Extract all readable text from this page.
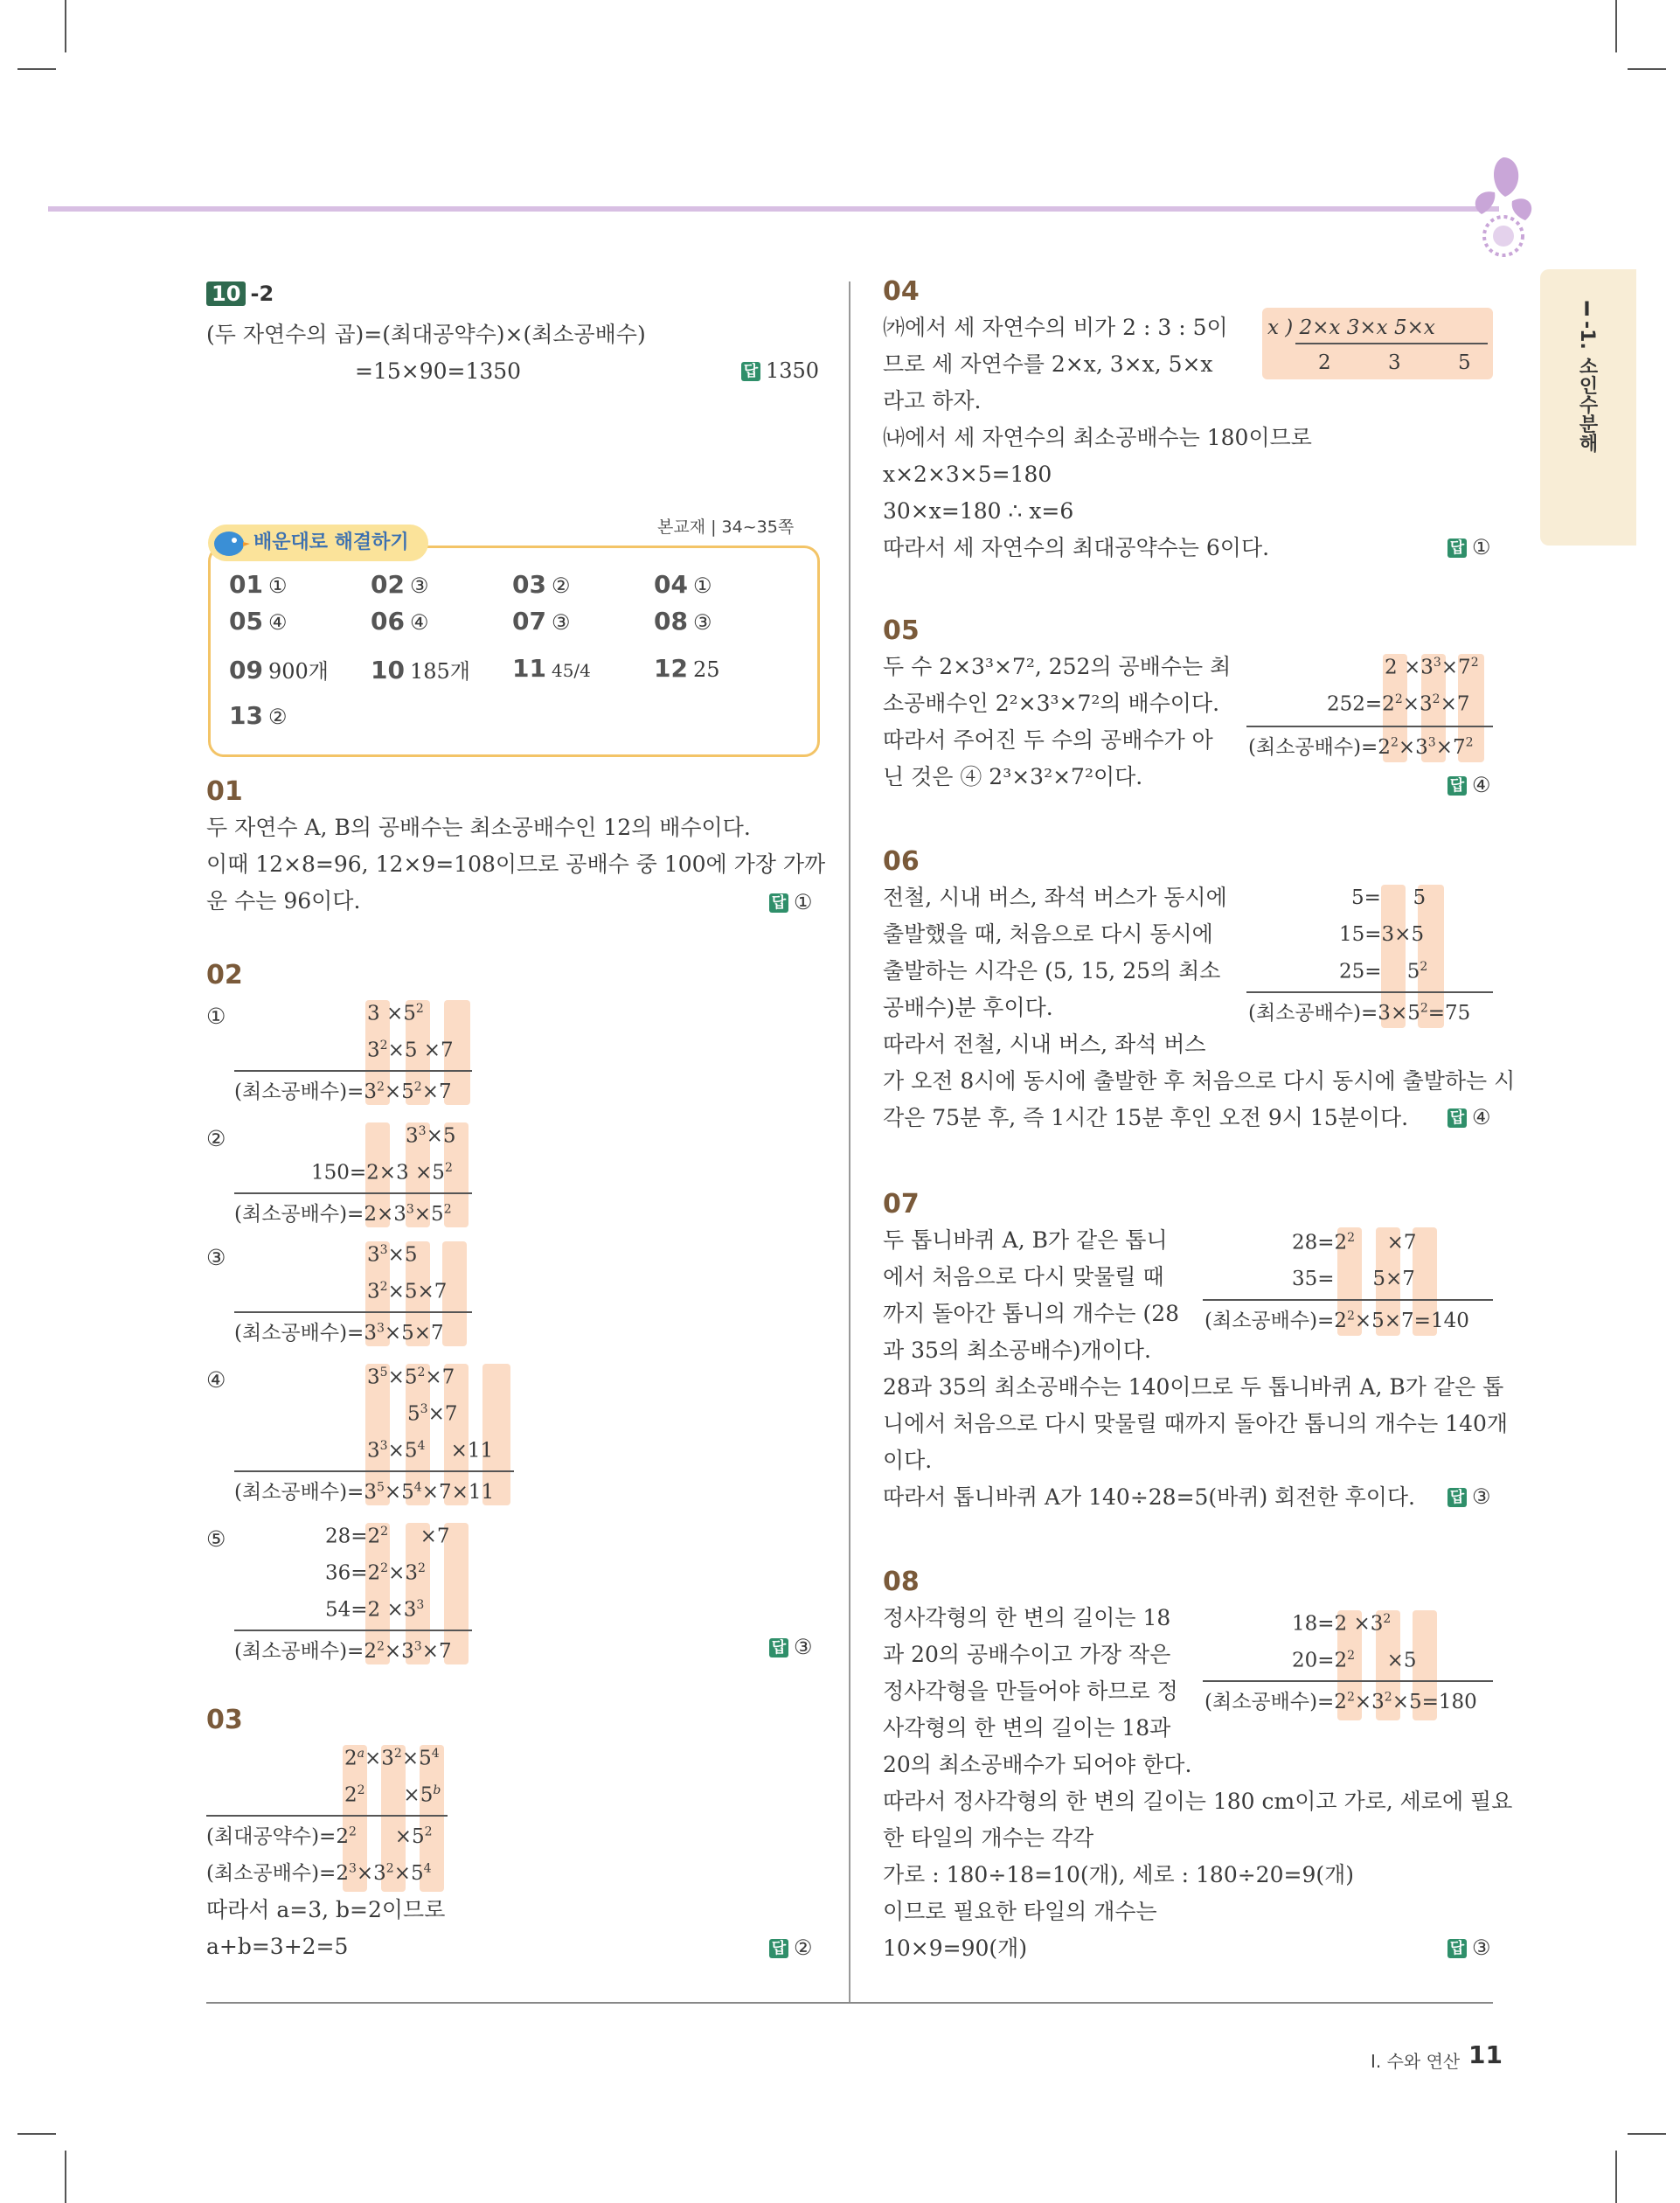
Ⅰ-1. 소인수분해
10 -2
(두 자연수의 곱)=(최대공약수)×(최소공배수)
=15×90=1350	답 1350
본교재 | 34~35쪽
배운대로 해결하기
01 ①	02 ③	03 ②	04 ①
05 ④	06 ④	07 ③	08 ③
09 900개 10 185개 11 45/4	12 25
13 ②
01
두 자연수 A, B의 공배수는 최소공배수인 12의 배수이다.
이때 12×8=96, 12×9=108이므로 공배수 중 100에 가장 가까
운 수는 96이다.	답 ①
02
①	$3 \times 5^2$
$3^2\times 5 \times 7$
(최소공배수)$=3^2\times 5^2\times 7$
②	$3^3\times 5$
$150=2\times 3 \times 5^2$
(최소공배수)$=2\times 3^3\times 5^2$
③	$3^3\times 5$
$3^2\times 5\times 7$
(최소공배수)$=3^3\times 5\times 7$
④	$3^5\times 5^2\times 7$
$5^3\times 7$
$3^3\times 5^4$    ×11
(최소공배수)$=3^5\times 5^4\times 7\times 11$
⑤	$28=2^2$     ×7
$36=2^2\times 3^2$
$54=2 \times 3^3$
(최소공배수)$=2^2\times 3^3\times 7$	답 ③
03
$2^a\times 3^2\times 5^4$
$2^2$      $\times 5^b$
(최대공약수)$=2^2$      $\times 5^2$
(최소공배수)$=2^3\times 3^2\times 5^4$
따라서 a=3, b=2이므로
a+b=3+2=5	답 ②
04
㈎에서 세 자연수의 비가 2 : 3 : 5이
므로 세 자연수를 2×x, 3×x, 5×x
라고 하자.
㈏에서 세 자연수의 최소공배수는 180이므로
x×2×3×5=180
30×x=180 ∴ x=6
따라서 세 자연수의 최대공약수는 6이다.
x ) 2×x 3×x 5×x
2	3	5
답 ①
05
두 수 2×3³×7², 252의 공배수는 최
소공배수인 2²×3³×7²의 배수이다.
따라서 주어진 두 수의 공배수가 아
닌 것은 ④ 2³×3²×7²이다.
$2 \times 3^3\times 7^2$
$252=2^2\times 3^2\times 7$
(최소공배수)$=2^2\times 3^3\times 7^2$
답 ④
06
전철, 시내 버스, 좌석 버스가 동시에
출발했을 때, 처음으로 다시 동시에
출발하는 시각은 (5, 15, 25의 최소
공배수)분 후이다.
따라서 전철, 시내 버스, 좌석 버스
가 오전 8시에 동시에 출발한 후 처음으로 다시 동시에 출발하는 시
각은 75분 후, 즉 1시간 15분 후인 오전 9시 15분이다.
5=     5
15=3×5
25=    $5^2$
(최소공배수)$=3\times 5^2=75$
답 ④
07
두 톱니바퀴 A, B가 같은 톱니
에서 처음으로 다시 맞물릴 때
까지 돌아간 톱니의 개수는 (28
과 35의 최소공배수)개이다.
28과 35의 최소공배수는 140이므로 두 톱니바퀴 A, B가 같은 톱
니에서 처음으로 다시 맞물릴 때까지 돌아간 톱니의 개수는 140개
이다.
따라서 톱니바퀴 A가 140÷28=5(바퀴) 회전한 후이다.
$28=2^2$     ×7
35=      5×7
(최소공배수)$=2^2\times 5\times 7=140$
답 ③
08
정사각형의 한 변의 길이는 18
과 20의 공배수이고 가장 작은
정사각형을 만들어야 하므로 정
사각형의 한 변의 길이는 18과
20의 최소공배수가 되어야 한다.
따라서 정사각형의 한 변의 길이는 180 cm이고 가로, 세로에 필요
한 타일의 개수는 각각
가로 : 180÷18=10(개), 세로 : 180÷20=9(개)
이므로 필요한 타일의 개수는
10×9=90(개)
$18=2 \times 3^2$
$20=2^2$     ×5
(최소공배수)$=2^2\times 3^2\times 5=180$
답 ③
Ⅰ. 수와 연산 11
